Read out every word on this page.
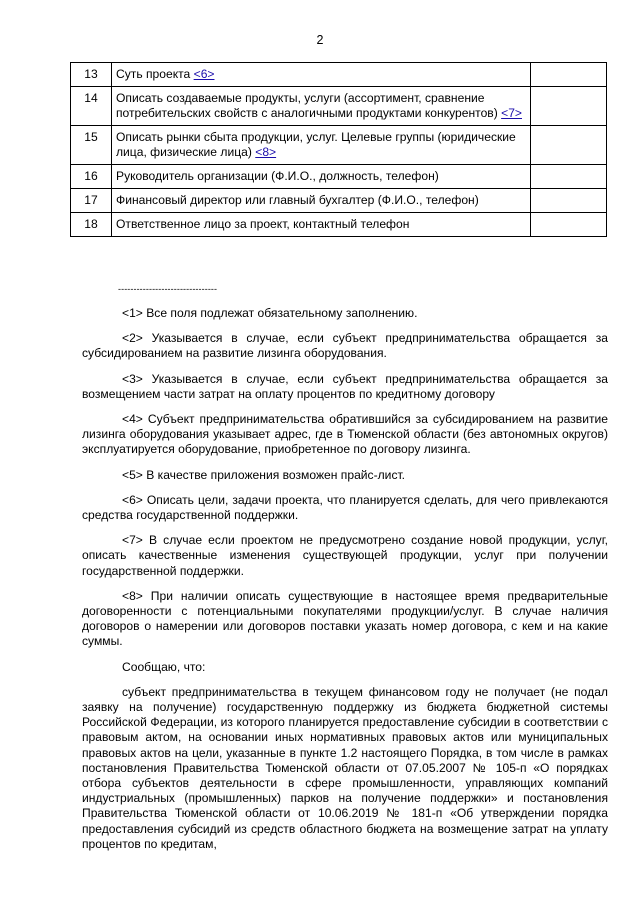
2
13	Суть проекта <6>	
14	Описать создаваемые продукты, услуги (ассортимент, сравнение потребительских свойств с аналогичными продуктами конкурентов) <7>	
15	Описать рынки сбыта продукции, услуг. Целевые группы (юридические лица, физические лица) <8>	
16	Руководитель организации (Ф.И.О., должность, телефон)	
17	Финансовый директор или главный бухгалтер (Ф.И.О., телефон)	
18	Ответственное лицо за проект, контактный телефон	
--------------------------------

<1> Все поля подлежат обязательному заполнению.

<2> Указывается в случае, если субъект предпринимательства обращается за субсидированием на развитие лизинга оборудования.

<3> Указывается в случае, если субъект предпринимательства обращается за возмещением части затрат на оплату процентов по кредитному договору

<4> Субъект предпринимательства обратившийся за субсидированием на развитие лизинга оборудования указывает адрес, где в Тюменской области (без автономных округов) эксплуатируется оборудование, приобретенное по договору лизинга.

<5> В качестве приложения возможен прайс-лист.

<6> Описать цели, задачи проекта, что планируется сделать, для чего привлекаются средства государственной поддержки.

<7> В случае если проектом не предусмотрено создание новой продукции, услуг, описать качественные изменения существующей продукции, услуг при получении государственной поддержки.

<8> При наличии описать существующие в настоящее время предварительные договоренности с потенциальными покупателями продукции/услуг. В случае наличия договоров о намерении или договоров поставки указать номер договора, с кем и на какие суммы.

Сообщаю, что:

субъект предпринимательства в текущем финансовом году не получает (не подал заявку на получение) государственную поддержку из бюджета бюджетной системы Российской Федерации, из которого планируется предоставление субсидии в соответствии с правовым актом, на основании иных нормативных правовых актов или муниципальных правовых актов на цели, указанные в пункте 1.2 настоящего Порядка, в том числе в рамках постановления Правительства Тюменской области от 07.05.2007 № 105-п «О порядках отбора субъектов деятельности в сфере промышленности, управляющих компаний индустриальных (промышленных) парков на получение поддержки» и постановления Правительства Тюменской области от 10.06.2019 № 181-п «Об утверждении порядка предоставления субсидий из средств областного бюджета на возмещение затрат на уплату процентов по кредитам,
